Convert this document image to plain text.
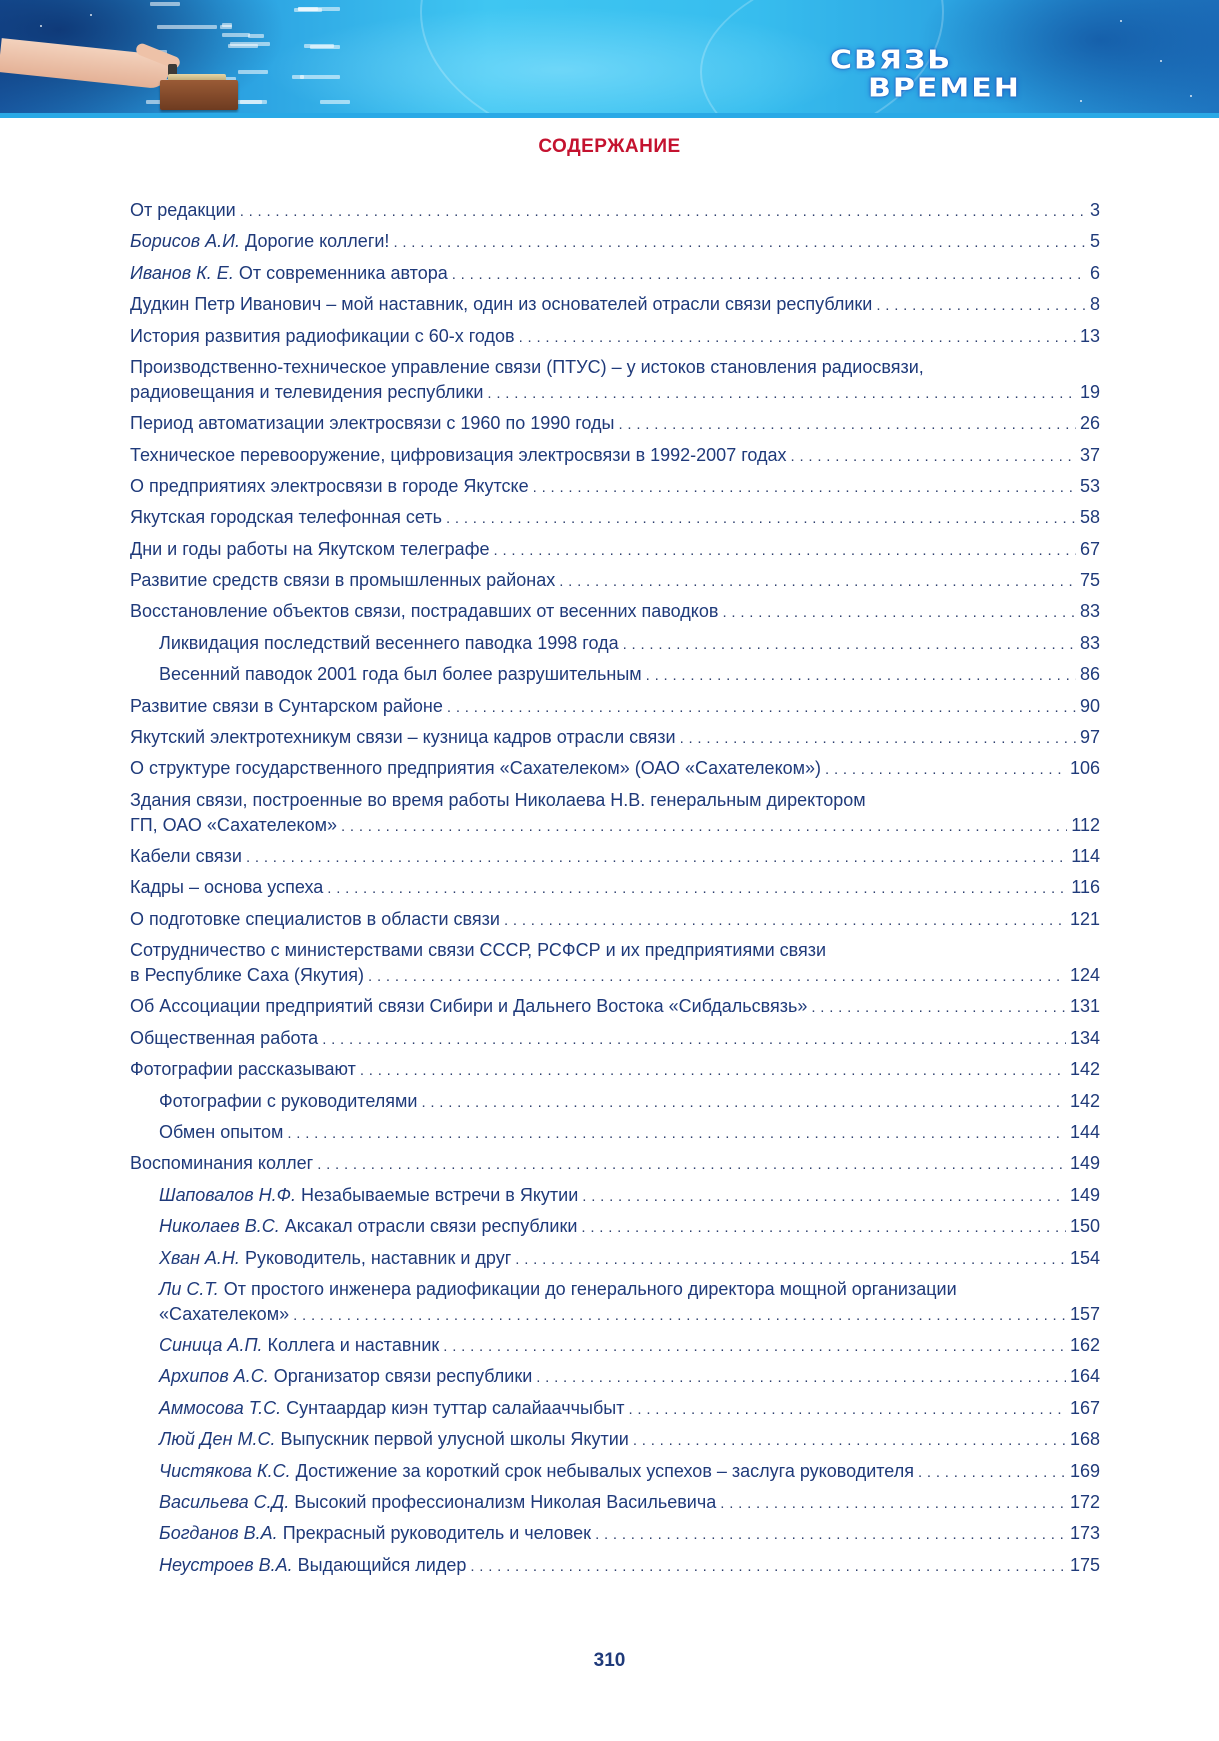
СВЯЗЬ
ВРЕМЕН
СОДЕРЖАНИЕ
От редакции . . .	3
Борисов А.И. Дорогие коллеги! . . .	5
Иванов К. Е. От современника автора . . .	6
Дудкин Петр Иванович – мой наставник, один из основателей отрасли связи республики . . .	8
История развития радиофикации с 60-х годов . . .	13
Производственно-техническое управление связи (ПТУС) – у истоков становления радиосвязи,
радиовещания и телевидения республики . . .	19
Период автоматизации электросвязи с 1960 по 1990 годы . . .	26
Техническое перевооружение, цифровизация электросвязи в 1992-2007 годах . . .	37
О предприятиях электросвязи в городе Якутске . . .	53
Якутская городская телефонная сеть . . .	58
Дни и годы работы на Якутском телеграфе . . .	67
Развитие средств связи в промышленных районах . . .	75
Восстановление объектов связи, пострадавших от весенних паводков . . .	83
Ликвидация последствий весеннего паводка 1998 года . . .	83
Весенний паводок 2001 года был более разрушительным . . .	86
Развитие связи в Сунтарском районе . . .	90
Якутский электротехникум связи – кузница кадров отрасли связи . . .	97
О структуре государственного предприятия «Сахателеком» (ОАО «Сахателеком») . . .	106
Здания связи, построенные во время работы Николаева Н.В. генеральным директором
ГП, ОАО «Сахателеком» . . .	112
Кабели связи . . .	114
Кадры – основа успеха . . .	116
О подготовке специалистов в области связи . . .	121
Сотрудничество с министерствами связи СССР, РСФСР и их предприятиями связи
в Республике Саха (Якутия) . . .	124
Об Ассоциации предприятий связи Сибири и Дальнего Востока «Сибдальсвязь» . . .	131
Общественная работа . . .	134
Фотографии рассказывают . . .	142
Фотографии с руководителями . . .	142
Обмен опытом . . .	144
Воспоминания коллег . . .	149
Шаповалов Н.Ф. Незабываемые встречи в Якутии . . .	149
Николаев В.С. Аксакал отрасли связи республики . . .	150
Хван А.Н. Руководитель, наставник и друг . . .	154
Ли С.Т. От простого инженера радиофикации до генерального директора мощной организации
«Сахателеком» . . .	157
Синица А.П. Коллега и наставник . . .	162
Архипов А.С. Организатор связи республики . . .	164
Аммосова Т.С. Сунтаардар киэн туттар салайааччыбыт . . .	167
Люй Ден М.С. Выпускник первой улусной школы Якутии . . .	168
Чистякова К.С. Достижение за короткий срок небывалых успехов – заслуга руководителя . . .	169
Васильева С.Д. Высокий профессионализм Николая Васильевича . . .	172
Богданов В.А. Прекрасный руководитель и человек . . .	173
Неустроев В.А. Выдающийся лидер . . .	175
310
